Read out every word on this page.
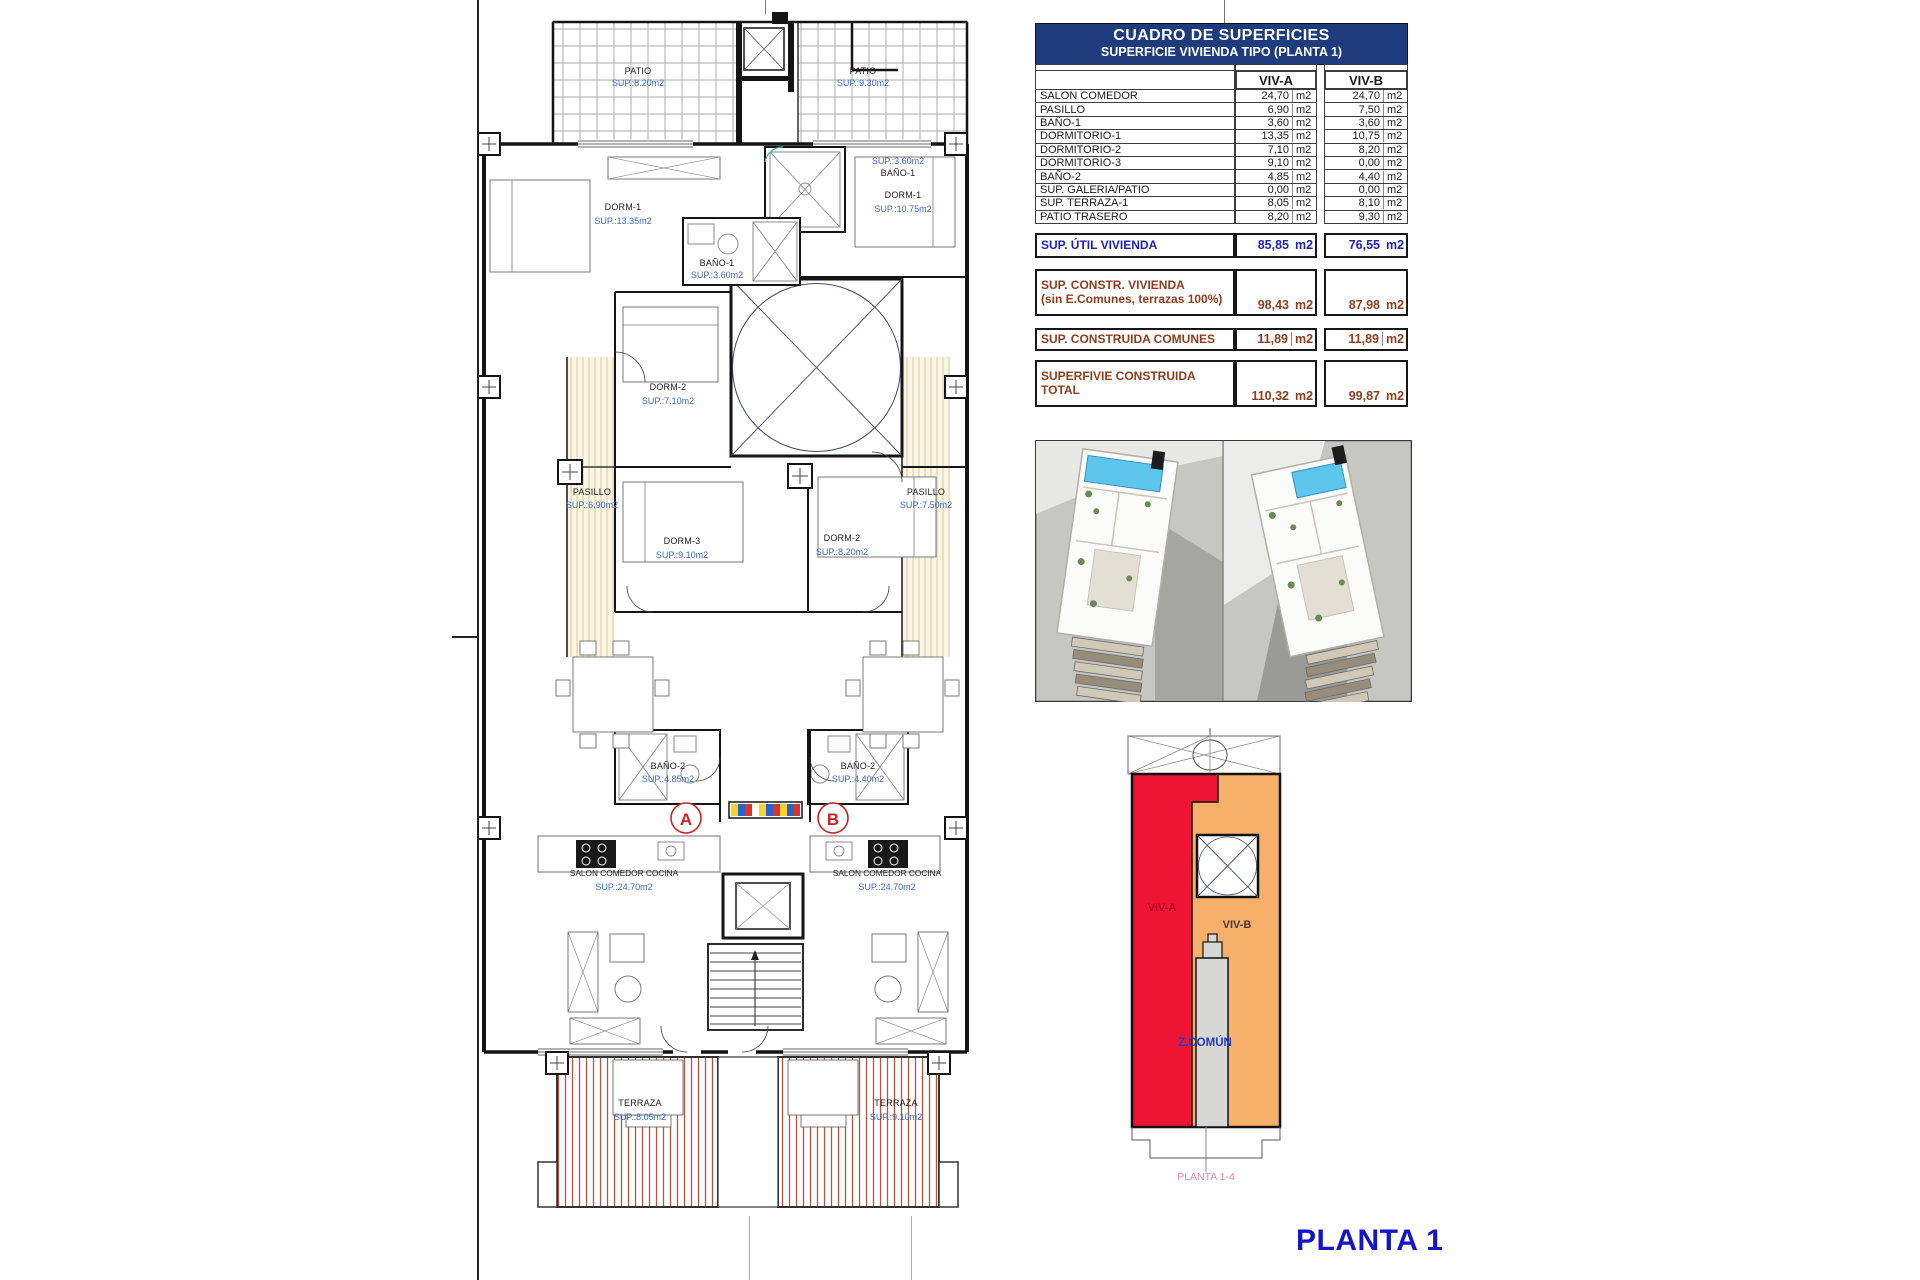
A	B
PATIO
SUP.:8.20m2
PATIO
SUP.:9.30m2
DORM-1
SUP.:13.35m2
DORM-1
SUP.:10.75m2
SUP.:3.60m2
BAÑO-1
BAÑO-1
SUP.:3.60m2
DORM-2
SUP.:7.10m2
PASILLO
SUP.:6.90m2
PASILLO
SUP.:7.50m2
DORM-3
SUP.:9.10m2
DORM-2
SUP.:8.20m2
BAÑO-2
SUP.:4.85m2
BAÑO-2
SUP.:4.40m2
SALON COMEDOR COCINA
SUP.:24.70m2
SALON COMEDOR COCINA
SUP.:24.70m2
TERRAZA
SUP.:8.05m2
TERRAZA
SUP.:9.10m2
CUADRO DE SUPERFICIES
SUPERFICIE VIVIENDA TIPO (PLANTA 1)
VIV-A	VIV-B
SALON COMEDOR	24,70 m2	24,70 m2
PASILLO	6,90 m2	7,50 m2
BAÑO-1	3,60 m2	3,60 m2
DORMITORIO-1	13,35 m2	10,75 m2
DORMITORIO-2	7,10 m2	8,20 m2
DORMITORIO-3	9,10 m2	0,00 m2
BAÑO-2	4,85 m2	4,40 m2
SUP. GALERIA/PATIO	0,00 m2	0,00 m2
SUP. TERRAZA-1	8,05 m2	8,10 m2
PATIO TRASERO	8,20 m2	9,30 m2
SUP. ÚTIL VIVIENDA	85,85 m2	76,55 m2
SUP. CONSTR. VIVIENDA
(sin E.Comunes, terrazas 100%)	98,43 m2	87,98 m2
SUP. CONSTRUIDA COMUNES	11,89 m2	11,89 m2
SUPERFIVIE CONSTRUIDA
TOTAL	110,32 m2	99,87 m2
VIV-A
VIV-B
Z.COMÚN
PLANTA 1-4
PLANTA 1
